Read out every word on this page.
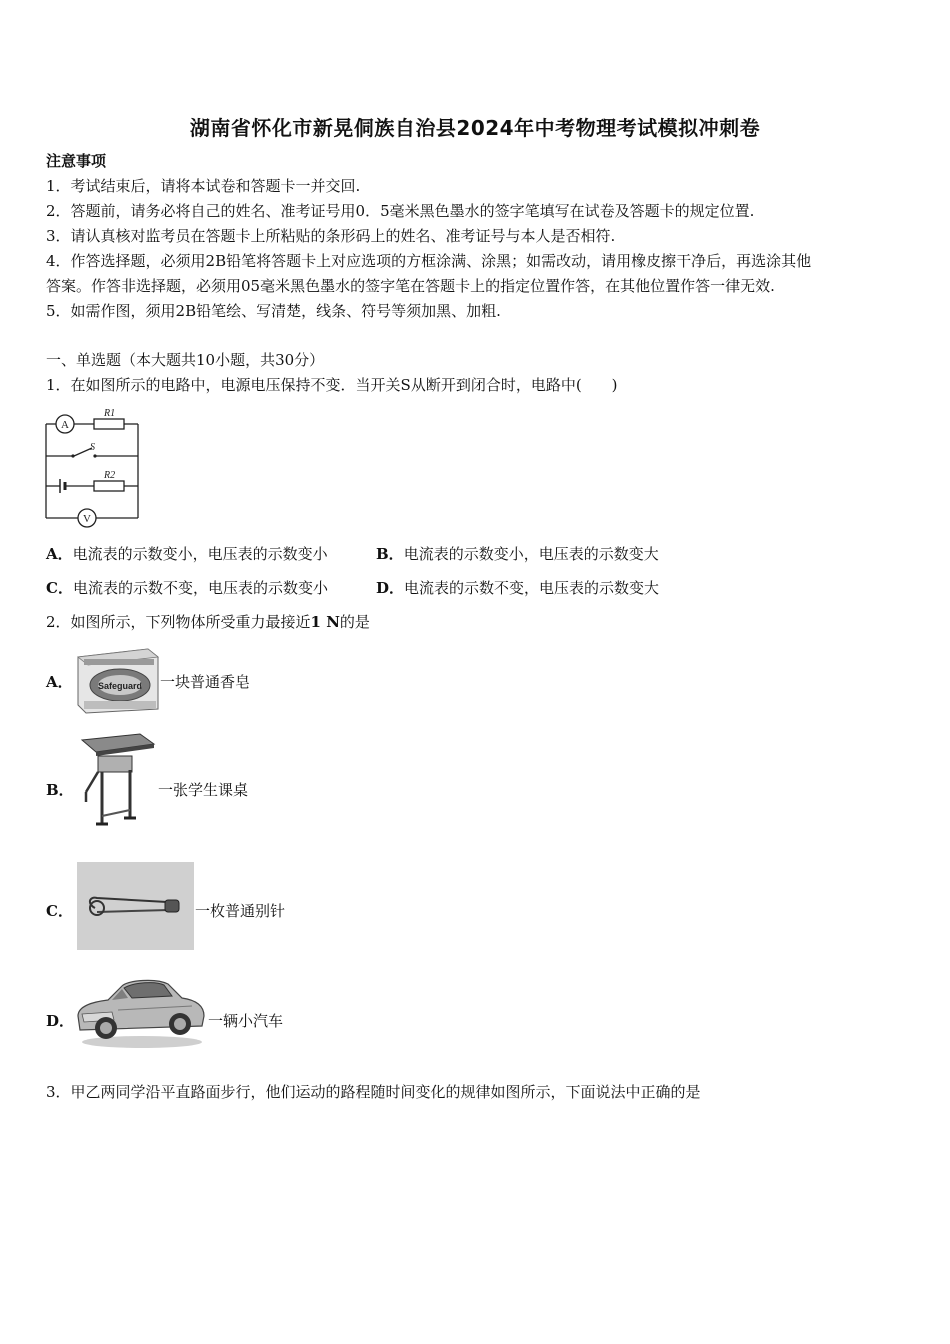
湖南省怀化市新晃侗族自治县2024年中考物理考试模拟冲刺卷
注意事项
1．考试结束后，请将本试卷和答题卡一并交回.
2．答题前，请务必将自己的姓名、准考证号用0．5毫米黑色墨水的签字笔填写在试卷及答题卡的规定位置.
3．请认真核对监考员在答题卡上所粘贴的条形码上的姓名、准考证号与本人是否相符.
4．作答选择题，必须用2B铅笔将答题卡上对应选项的方框涂满、涂黑；如需改动，请用橡皮擦干净后，再选涂其他
答案。作答非选择题，必须用05毫米黑色墨水的签字笔在答题卡上的指定位置作答，在其他位置作答一律无效.
5．如需作图，须用2B铅笔绘、写清楚，线条、符号等须加黑、加粗.
一、单选题（本大题共10小题，共30分）
1．在如图所示的电路中，电源电压保持不变．当开关S从断开到闭合时，电路中(　　)
A
V
R1
R2
S
A．电流表的示数变小，电压表的示数变小	B．电流表的示数变小，电压表的示数变大
C．电流表的示数不变，电压表的示数变小	D．电流表的示数不变，电压表的示数变大
2．如图所示，下列物体所受重力最接近1 N的是
A．	Safeguard 一块普通香皂
B．	一张学生课桌
C．	一枚普通别针
D．	一辆小汽车
3．甲乙两同学沿平直路面步行，他们运动的路程随时间变化的规律如图所示，下面说法中正确的是
